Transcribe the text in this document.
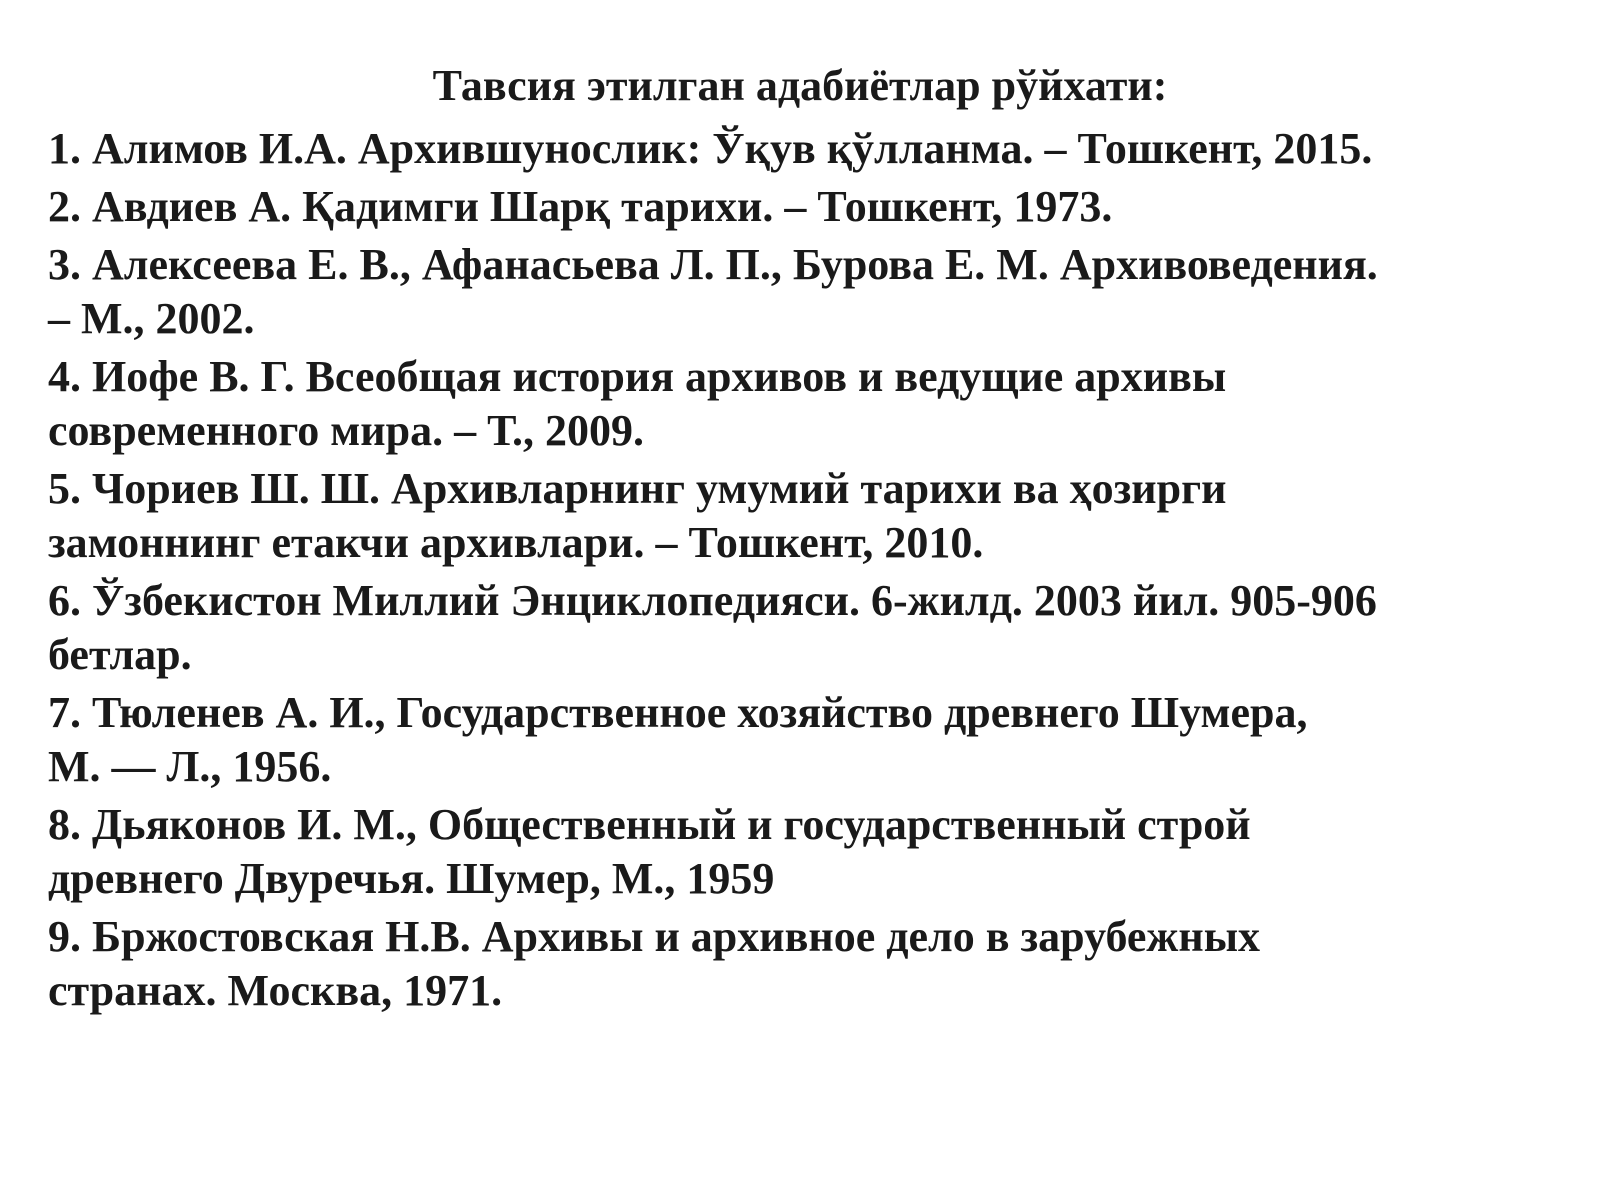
Тавсия этилган адабиётлар рўйхати:
1. Алимов И.А. Архившунослик: Ўқув қўлланма. – Тошкент, 2015.
2. Авдиев А. Қадимги Шарқ тарихи. – Тошкент, 1973.
3. Алексеева Е. В., Афанасьева Л. П., Бурова Е. М. Архивоведения.
– М., 2002.
4. Иофе В. Г. Всеобщая история архивов и ведущие архивы
современного мира. – Т., 2009.
5. Чориев Ш. Ш. Архивларнинг умумий тарихи ва ҳозирги
замоннинг етакчи архивлари. – Тошкент, 2010.
6. Ўзбекистон Миллий Энциклопедияси. 6-жилд. 2003 йил. 905-906
бетлар.
7. Тюленев А. И., Государственное хозяйство древнего Шумера,
М. — Л., 1956.
8. Дьяконов И. М., Общественный и государственный строй
древнего Двуречья. Шумер, М., 1959
9. Бржостовская Н.В. Архивы и архивное дело в зарубежных
странах. Москва, 1971.
